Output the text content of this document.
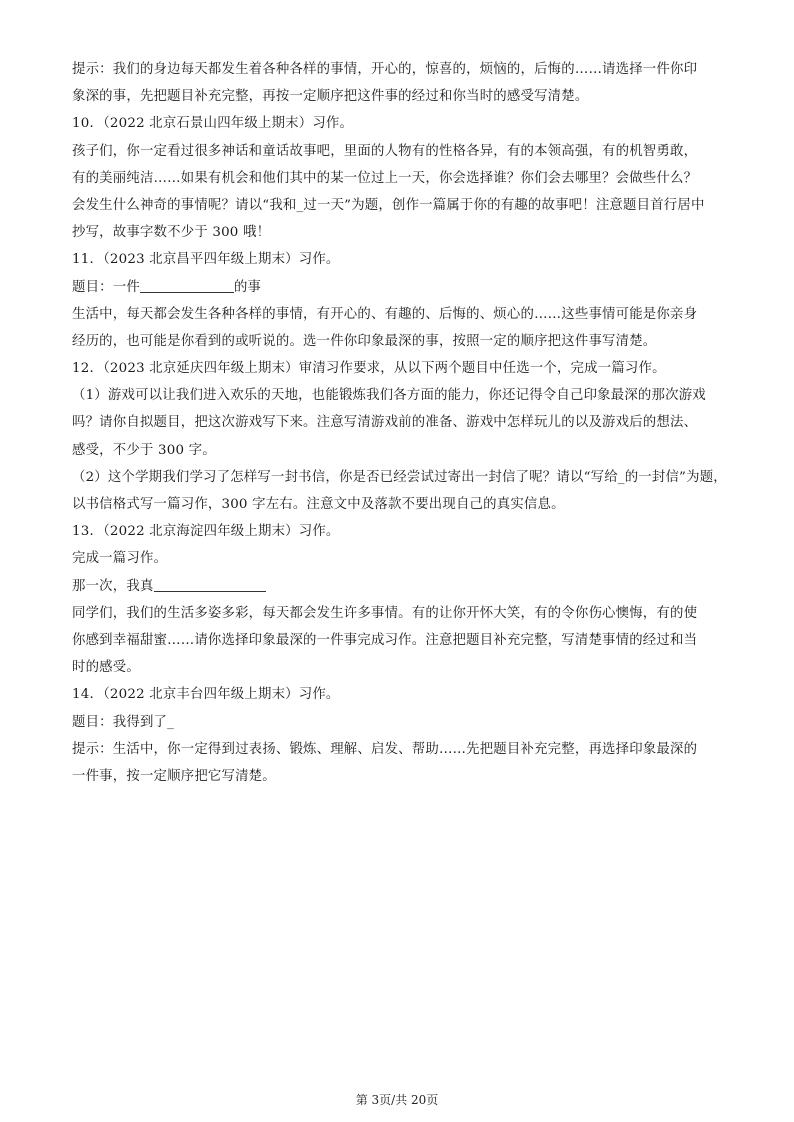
提示：我们的身边每天都发生着各种各样的事情，开心的，惊喜的，烦恼的，后悔的……请选择一件你印
象深的事，先把题目补充完整，再按一定顺序把这件事的经过和你当时的感受写清楚。
10．（2022 北京石景山四年级上期末）习作。
孩子们，你一定看过很多神话和童话故事吧，里面的人物有的性格各异，有的本领高强，有的机智勇敢，
有的美丽纯洁……如果有机会和他们其中的某一位过上一天，你会选择谁？你们会去哪里？会做些什么？
会发生什么神奇的事情呢？请以“我和_过一天”为题，创作一篇属于你的有趣的故事吧！注意题目首行居中
抄写，故事字数不少于 300 哦！
11．（2023 北京昌平四年级上期末）习作。
题目：一件	的事
生活中，每天都会发生各种各样的事情，有开心的、有趣的、后悔的、烦心的……这些事情可能是你亲身
经历的，也可能是你看到的或听说的。选一件你印象最深的事，按照一定的顺序把这件事写清楚。
12．（2023 北京延庆四年级上期末）审清习作要求，从以下两个题目中任选一个，完成一篇习作。
（1）游戏可以让我们进入欢乐的天地，也能锻炼我们各方面的能力，你还记得令自己印象最深的那次游戏
吗？请你自拟题目，把这次游戏写下来。注意写清游戏前的准备、游戏中怎样玩儿的以及游戏后的想法、
感受，不少于 300 字。
（2）这个学期我们学习了怎样写一封书信，你是否已经尝试过寄出一封信了呢？请以“写给_的一封信”为题，
以书信格式写一篇习作，300 字左右。注意文中及落款不要出现自己的真实信息。
13．（2022 北京海淀四年级上期末）习作。
完成一篇习作。
那一次，我真
同学们，我们的生活多姿多彩，每天都会发生许多事情。有的让你开怀大笑，有的令你伤心懊悔，有的使
你感到幸福甜蜜……请你选择印象最深的一件事完成习作。注意把题目补充完整，写清楚事情的经过和当
时的感受。
14．（2022 北京丰台四年级上期末）习作。
题目：我得到了_
提示：生活中，你一定得到过表扬、锻炼、理解、启发、帮助……先把题目补充完整，再选择印象最深的
一件事，按一定顺序把它写清楚。
第 3页/共 20页
